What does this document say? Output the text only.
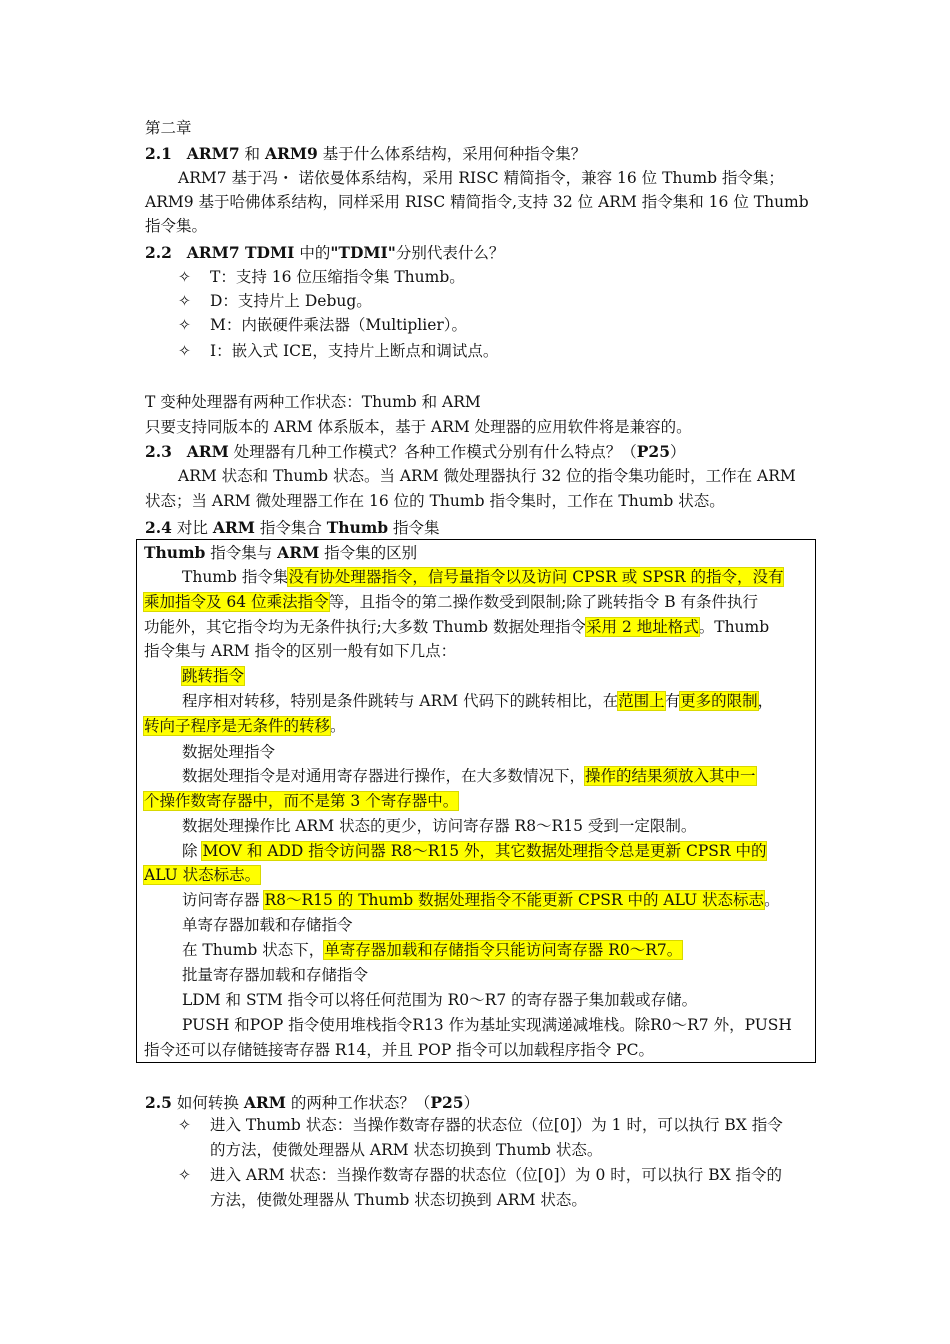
第二章
2.1 ARM7 和 ARM9 基于什么体系结构，采用何种指令集？
ARM7 基于冯・ 诺依曼体系结构，采用 RISC 精简指令，兼容 16 位 Thumb 指令集；
ARM9 基于哈佛体系结构，同样采用 RISC 精简指令,支持 32 位 ARM 指令集和 16 位 Thumb
指令集。
2.2 ARM7 TDMI 中的"TDMI"分别代表什么？
✧ T：支持 16 位压缩指令集 Thumb。
✧ D：支持片上 Debug。
✧ M：内嵌硬件乘法器（Multiplier）。
✧ I：嵌入式 ICE，支持片上断点和调试点。
T 变种处理器有两种工作状态：Thumb 和 ARM
只要支持同版本的 ARM 体系版本，基于 ARM 处理器的应用软件将是兼容的。
2.3 ARM 处理器有几种工作模式？各种工作模式分别有什么特点？（P25）
ARM 状态和 Thumb 状态。当 ARM 微处理器执行 32 位的指令集功能时，工作在 ARM
状态；当 ARM 微处理器工作在 16 位的 Thumb 指令集时，工作在 Thumb 状态。
2.4 对比 ARM 指令集合 Thumb 指令集
Thumb 指令集与 ARM 指令集的区别
Thumb 指令集没有协处理器指令，信号量指令以及访问 CPSR 或 SPSR 的指令，没有
乘加指令及 64 位乘法指令等，且指令的第二操作数受到限制;除了跳转指令 B 有条件执行
功能外，其它指令均为无条件执行;大多数 Thumb 数据处理指令采用 2 地址格式。Thumb
指令集与 ARM 指令的区别一般有如下几点：
跳转指令
程序相对转移，特别是条件跳转与 ARM 代码下的跳转相比，在范围上有更多的限制，
转向子程序是无条件的转移。
数据处理指令
数据处理指令是对通用寄存器进行操作，在大多数情况下，操作的结果须放入其中一
个操作数寄存器中，而不是第 3 个寄存器中。
数据处理操作比 ARM 状态的更少，访问寄存器 R8～R15 受到一定限制。
除 MOV 和 ADD 指令访问器 R8～R15 外，其它数据处理指令总是更新 CPSR 中的
ALU 状态标志。
访问寄存器 R8～R15 的 Thumb 数据处理指令不能更新 CPSR 中的 ALU 状态标志。
单寄存器加载和存储指令
在 Thumb 状态下，单寄存器加载和存储指令只能访问寄存器 R0～R7。
批量寄存器加载和存储指令
LDM 和 STM 指令可以将任何范围为 R0～R7 的寄存器子集加载或存储。
PUSH 和POP 指令使用堆栈指令R13 作为基址实现满递减堆栈。除R0～R7 外，PUSH
指令还可以存储链接寄存器 R14，并且 POP 指令可以加载程序指令 PC。
2.5 如何转换 ARM 的两种工作状态？（P25）
✧ 进入 Thumb 状态：当操作数寄存器的状态位（位[0]）为 1 时，可以执行 BX 指令
的方法，使微处理器从 ARM 状态切换到 Thumb 状态。
✧ 进入 ARM 状态：当操作数寄存器的状态位（位[0]）为 0 时，可以执行 BX 指令的
方法，使微处理器从 Thumb 状态切换到 ARM 状态。
